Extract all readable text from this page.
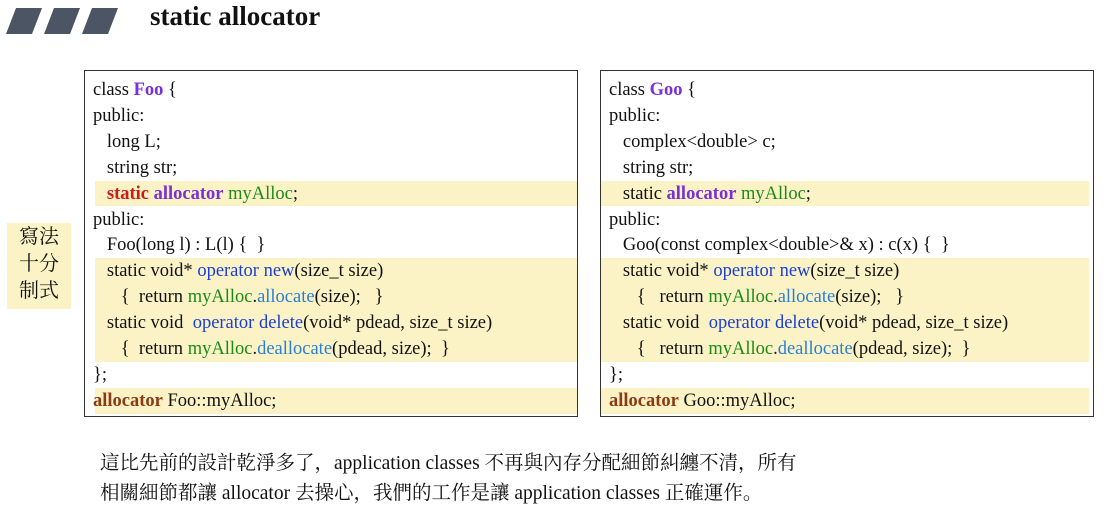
static allocator
寫法
十分
制式
class Foo {
public:
long L;
string str;
static allocator myAlloc;
public:
Foo(long l) : L(l) {  }
static void* operator new(size_t size)
{  return myAlloc.allocate(size);   }
static void  operator delete(void* pdead, size_t size)
{  return myAlloc.deallocate(pdead, size);  }
};
allocator Foo::myAlloc;
class Goo {
public:
complex<double> c;
string str;
static allocator myAlloc;
public:
Goo(const complex<double>& x) : c(x) {  }
static void* operator new(size_t size)
{   return myAlloc.allocate(size);   }
static void  operator delete(void* pdead, size_t size)
{   return myAlloc.deallocate(pdead, size);  }
};
allocator Goo::myAlloc;
這比先前的設計乾淨多了，application classes 不再與內存分配細節糾纏不清，所有
相關細節都讓 allocator 去操心，我們的工作是讓 application classes 正確運作。
